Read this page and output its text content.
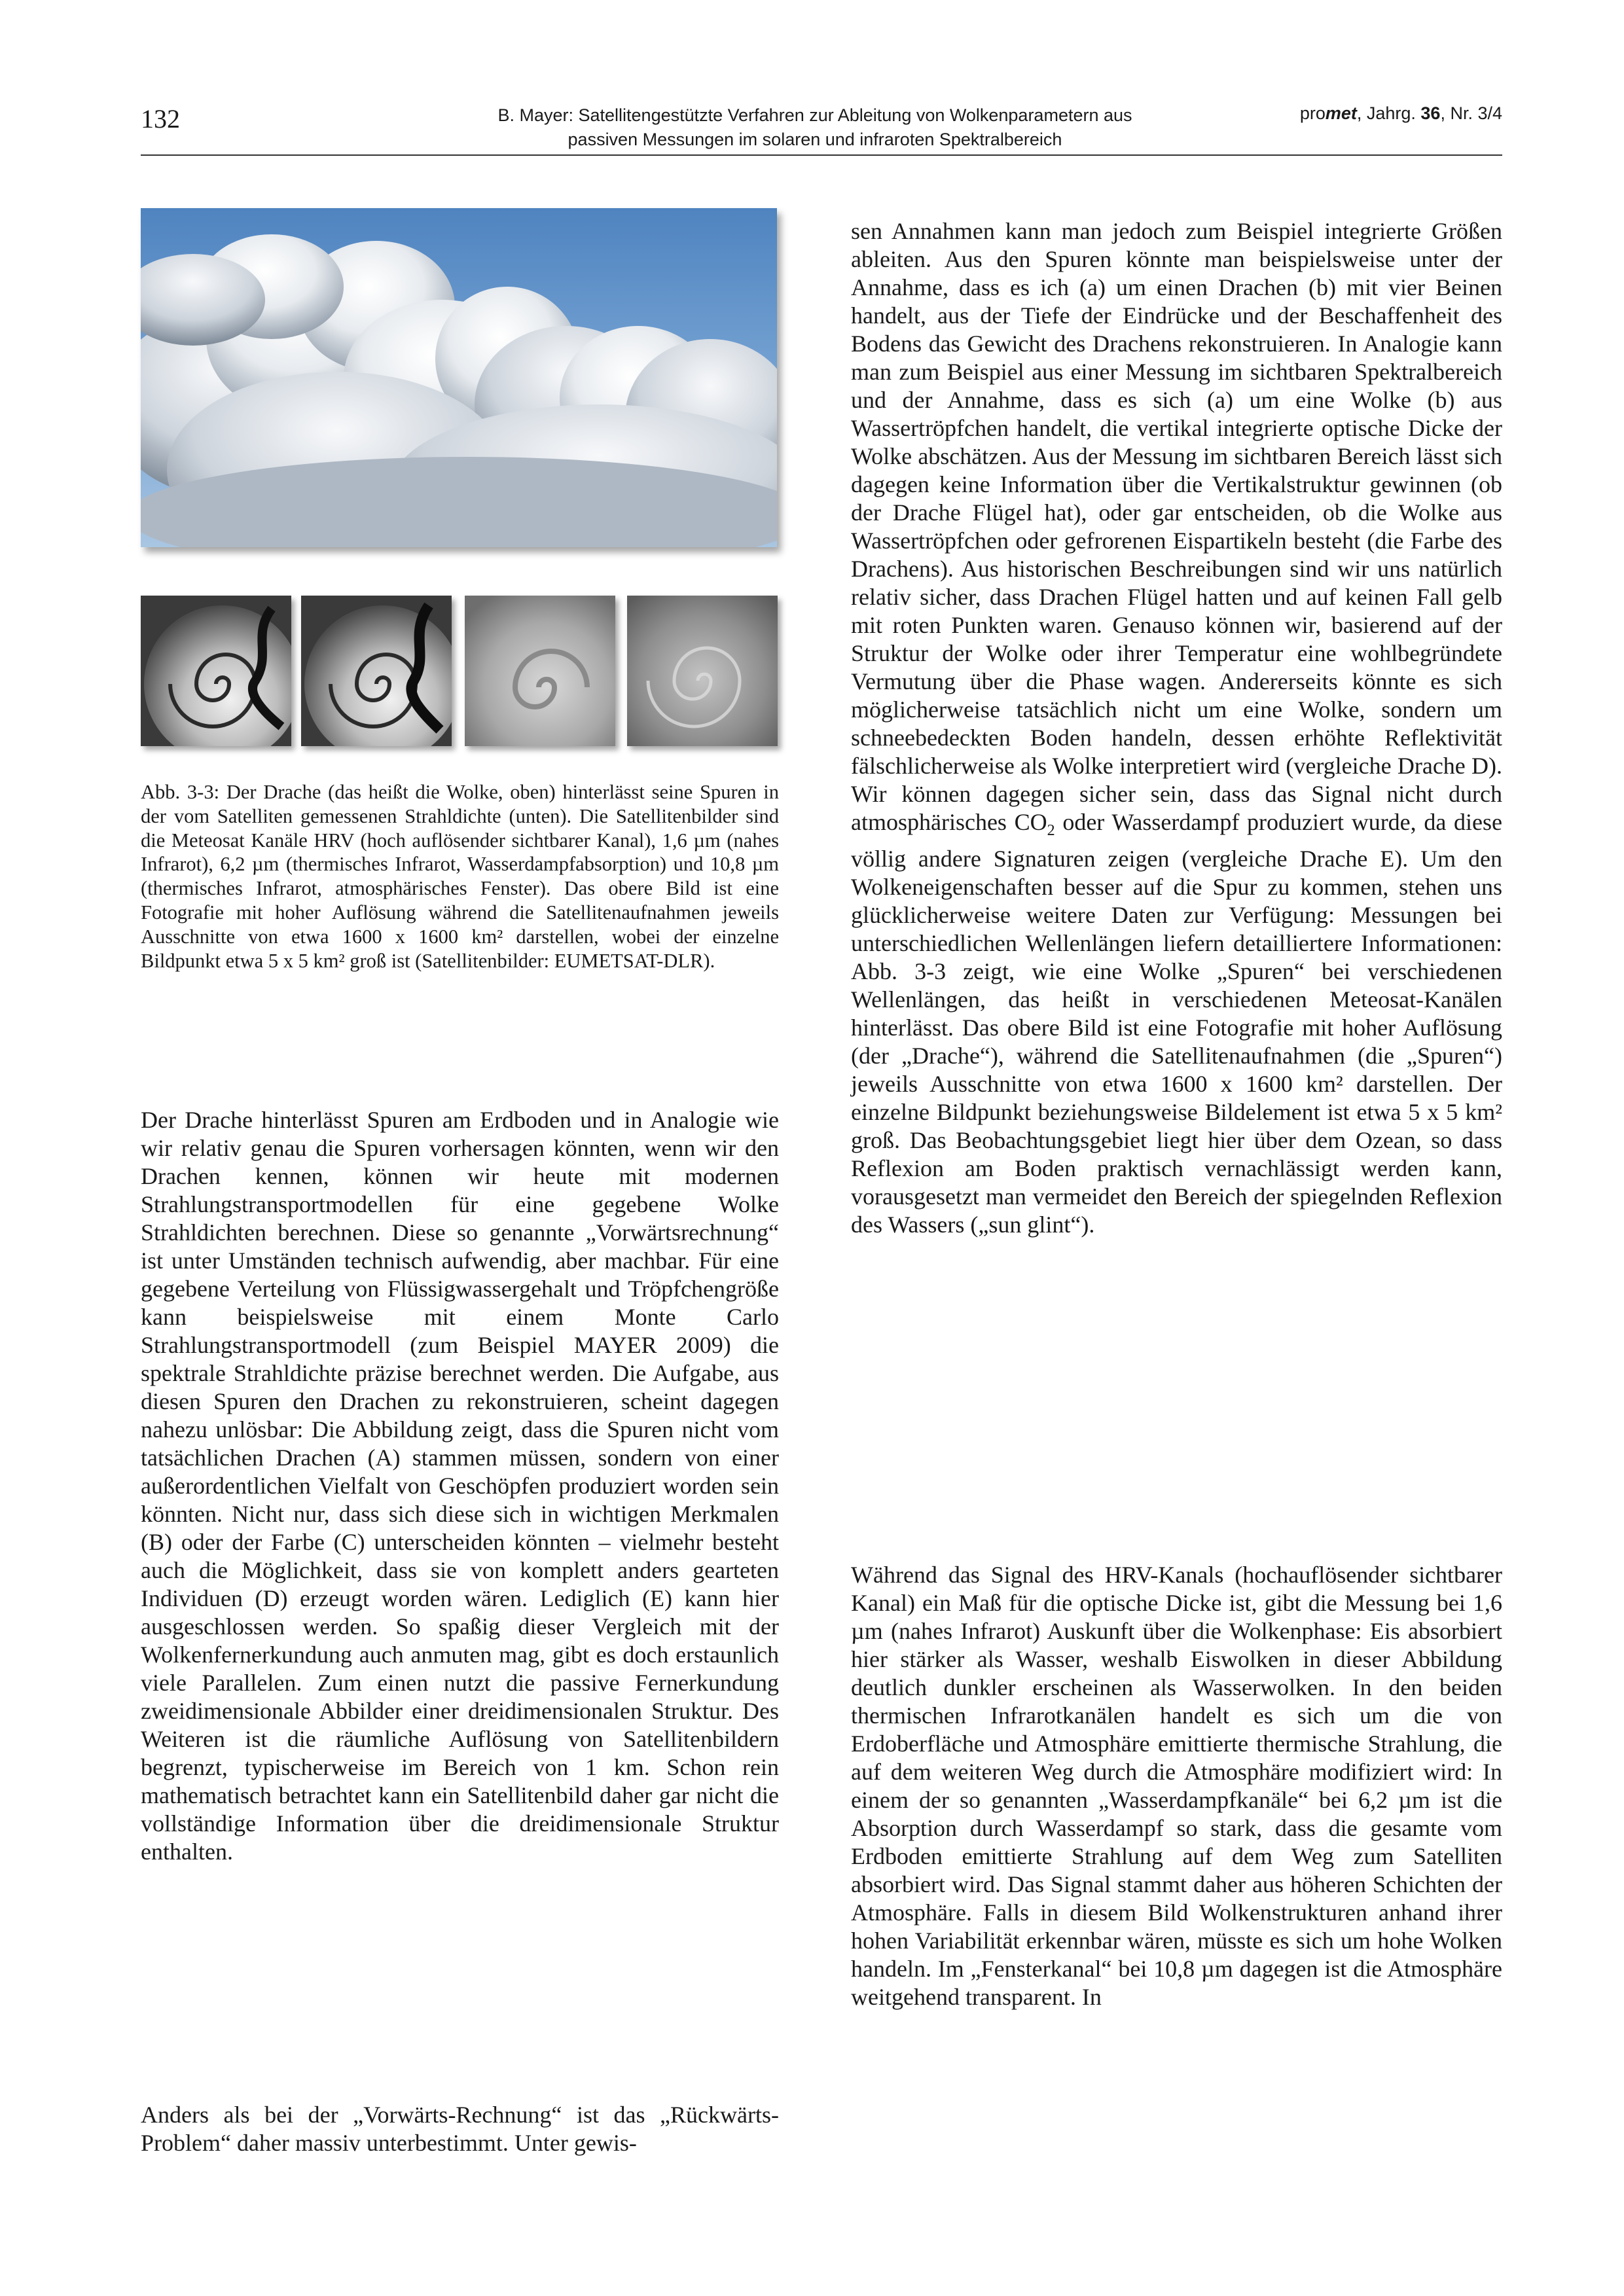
132	B. Mayer: Satellitengestützte Verfahren zur Ableitung von Wolkenparametern aus
passiven Messungen im solaren und infraroten Spektralbereich
promet, Jahrg. 36, Nr. 3/4
Abb. 3-3: Der Drache (das heißt die Wolke, oben) hinterlässt seine Spuren in der vom Satelliten gemessenen Strahldichte (unten). Die Satellitenbilder sind die Meteosat Kanäle HRV (hoch auflösender sichtbarer Kanal), 1,6 µm (nahes Infrarot), 6,2 µm (thermisches Infrarot, Wasserdampfabsorption) und 10,8 µm (thermisches Infrarot, atmosphärisches Fenster). Das obere Bild ist eine Fotografie mit hoher Auflösung während die Satellitenaufnahmen jeweils Ausschnitte von etwa 1600 x 1600 km² darstellen, wobei der einzelne Bildpunkt etwa 5 x 5 km² groß ist (Satellitenbilder: EUMETSAT-DLR).
Der Drache hinterlässt Spuren am Erdboden und in Analogie wie wir relativ genau die Spuren vorhersagen könnten, wenn wir den Drachen kennen, können wir heute mit modernen Strahlungstransportmodellen für eine gegebene Wolke Strahldichten berechnen. Diese so genannte „Vorwärtsrechnung“ ist unter Umständen technisch aufwendig, aber machbar. Für eine gegebene Verteilung von Flüssigwassergehalt und Tröpfchengröße kann beispielsweise mit einem Monte Carlo Strahlungstransportmodell (zum Beispiel MAYER 2009) die spektrale Strahldichte präzise berechnet werden. Die Aufgabe, aus diesen Spuren den Drachen zu rekonstruieren, scheint dagegen nahezu unlösbar: Die Abbildung zeigt, dass die Spuren nicht vom tatsächlichen Drachen (A) stammen müssen, sondern von einer außerordentlichen Vielfalt von Geschöpfen produziert worden sein könnten. Nicht nur, dass sich diese sich in wichtigen Merkmalen (B) oder der Farbe (C) unterscheiden könnten – vielmehr besteht auch die Möglichkeit, dass sie von komplett anders gearteten Individuen (D) erzeugt worden wären. Lediglich (E) kann hier ausgeschlossen werden. So spaßig dieser Vergleich mit der Wolkenfernerkundung auch anmuten mag, gibt es doch erstaunlich viele Parallelen. Zum einen nutzt die passive Fernerkundung zweidimensionale Abbilder einer dreidimensionalen Struktur. Des Weiteren ist die räumliche Auflösung von Satellitenbildern begrenzt, typischerweise im Bereich von 1 km. Schon rein mathematisch betrachtet kann ein Satellitenbild daher gar nicht die vollständige Information über die dreidimensionale Struktur enthalten.
Anders als bei der „Vorwärts-Rechnung“ ist das „Rückwärts-Problem“ daher massiv unterbestimmt. Unter gewis-
sen Annahmen kann man jedoch zum Beispiel integrierte Größen ableiten. Aus den Spuren könnte man beispielsweise unter der Annahme, dass es ich (a) um einen Drachen (b) mit vier Beinen handelt, aus der Tiefe der Eindrücke und der Beschaffenheit des Bodens das Gewicht des Drachens rekonstruieren. In Analogie kann man zum Beispiel aus einer Messung im sichtbaren Spektralbereich und der Annahme, dass es sich (a) um eine Wolke (b) aus Wassertröpfchen handelt, die vertikal integrierte optische Dicke der Wolke abschätzen. Aus der Messung im sichtbaren Bereich lässt sich dagegen keine Information über die Vertikalstruktur gewinnen (ob der Drache Flügel hat), oder gar entscheiden, ob die Wolke aus Wassertröpfchen oder gefrorenen Eispartikeln besteht (die Farbe des Drachens). Aus historischen Beschreibungen sind wir uns natürlich relativ sicher, dass Drachen Flügel hatten und auf keinen Fall gelb mit roten Punkten waren. Genauso können wir, basierend auf der Struktur der Wolke oder ihrer Temperatur eine wohlbegründete Vermutung über die Phase wagen. Andererseits könnte es sich möglicherweise tatsächlich nicht um eine Wolke, sondern um schneebedeckten Boden handeln, dessen erhöhte Reflektivität fälschlicherweise als Wolke interpretiert wird (vergleiche Drache D). Wir können dagegen sicher sein, dass das Signal nicht durch atmosphärisches $CO_2$ oder Wasserdampf produziert wurde, da diese völlig andere Signaturen zeigen (vergleiche Drache E). Um den Wolkeneigenschaften besser auf die Spur zu kommen, stehen uns glücklicherweise weitere Daten zur Verfügung: Messungen bei unterschiedlichen Wellenlängen liefern detailliertere Informationen: Abb. 3-3 zeigt, wie eine Wolke „Spuren“ bei verschiedenen Wellenlängen, das heißt in verschiedenen Meteosat-Kanälen hinterlässt. Das obere Bild ist eine Fotografie mit hoher Auflösung (der „Drache“), während die Satellitenaufnahmen (die „Spuren“) jeweils Ausschnitte von etwa 1600 x 1600 km² darstellen. Der einzelne Bildpunkt beziehungsweise Bildelement ist etwa 5 x 5 km² groß. Das Beobachtungsgebiet liegt hier über dem Ozean, so dass Reflexion am Boden praktisch vernachlässigt werden kann, vorausgesetzt man vermeidet den Bereich der spiegelnden Reflexion des Wassers („sun glint“).
Während das Signal des HRV-Kanals (hochauflösender sichtbarer Kanal) ein Maß für die optische Dicke ist, gibt die Messung bei 1,6 µm (nahes Infrarot) Auskunft über die Wolkenphase: Eis absorbiert hier stärker als Wasser, weshalb Eiswolken in dieser Abbildung deutlich dunkler erscheinen als Wasserwolken. In den beiden thermischen Infrarotkanälen handelt es sich um die von Erdoberfläche und Atmosphäre emittierte thermische Strahlung, die auf dem weiteren Weg durch die Atmosphäre modifiziert wird: In einem der so genannten „Wasserdampfkanäle“ bei 6,2 µm ist die Absorption durch Wasserdampf so stark, dass die gesamte vom Erdboden emittierte Strahlung auf dem Weg zum Satelliten absorbiert wird. Das Signal stammt daher aus höheren Schichten der Atmosphäre. Falls in diesem Bild Wolkenstrukturen anhand ihrer hohen Variabilität erkennbar wären, müsste es sich um hohe Wolken handeln. Im „Fensterkanal“ bei 10,8 µm dagegen ist die Atmosphäre weitgehend transparent. In
